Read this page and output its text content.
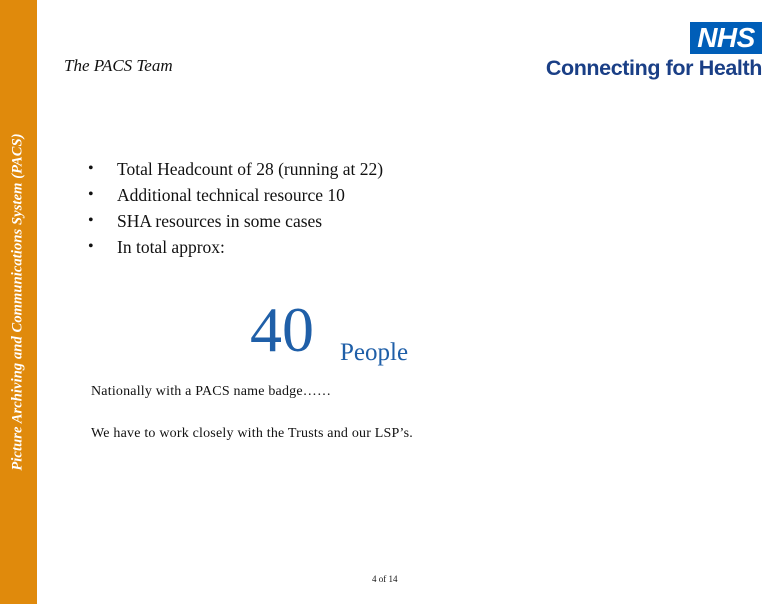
Picture Archiving and Communications System (PACS)
The PACS Team
NHS
Connecting for Health
•	Total Headcount of 28 (running at 22)
•	Additional technical resource 10
•	SHA resources in some cases
•	In total approx:
40 People
Nationally with a PACS name badge……
We have to work closely with the Trusts and our LSP’s.
4 of 14
